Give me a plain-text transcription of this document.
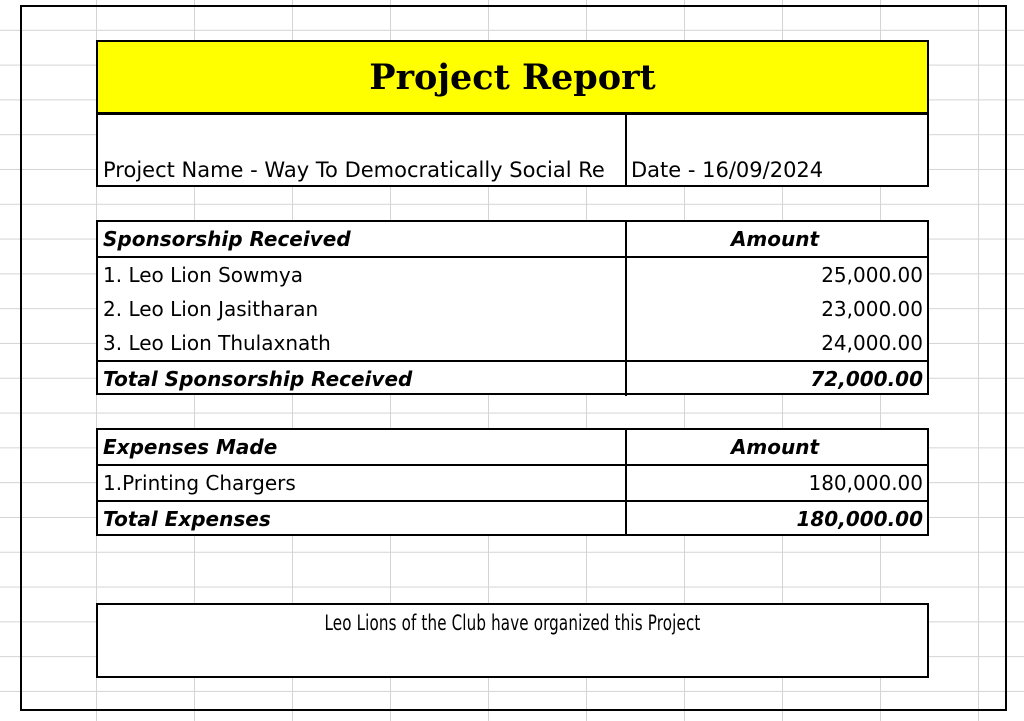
Project Report
Project Name - Way To Democratically Social Re	Date - 16/09/2024
Sponsorship Received	Amount
1. Leo Lion Sowmya	25,000.00
2. Leo Lion Jasitharan	23,000.00
3. Leo Lion Thulaxnath	24,000.00
Total Sponsorship Received	72,000.00
Expenses Made	Amount
1.Printing Chargers	180,000.00
Total Expenses	180,000.00
Leo Lions of the Club have organized this Project
